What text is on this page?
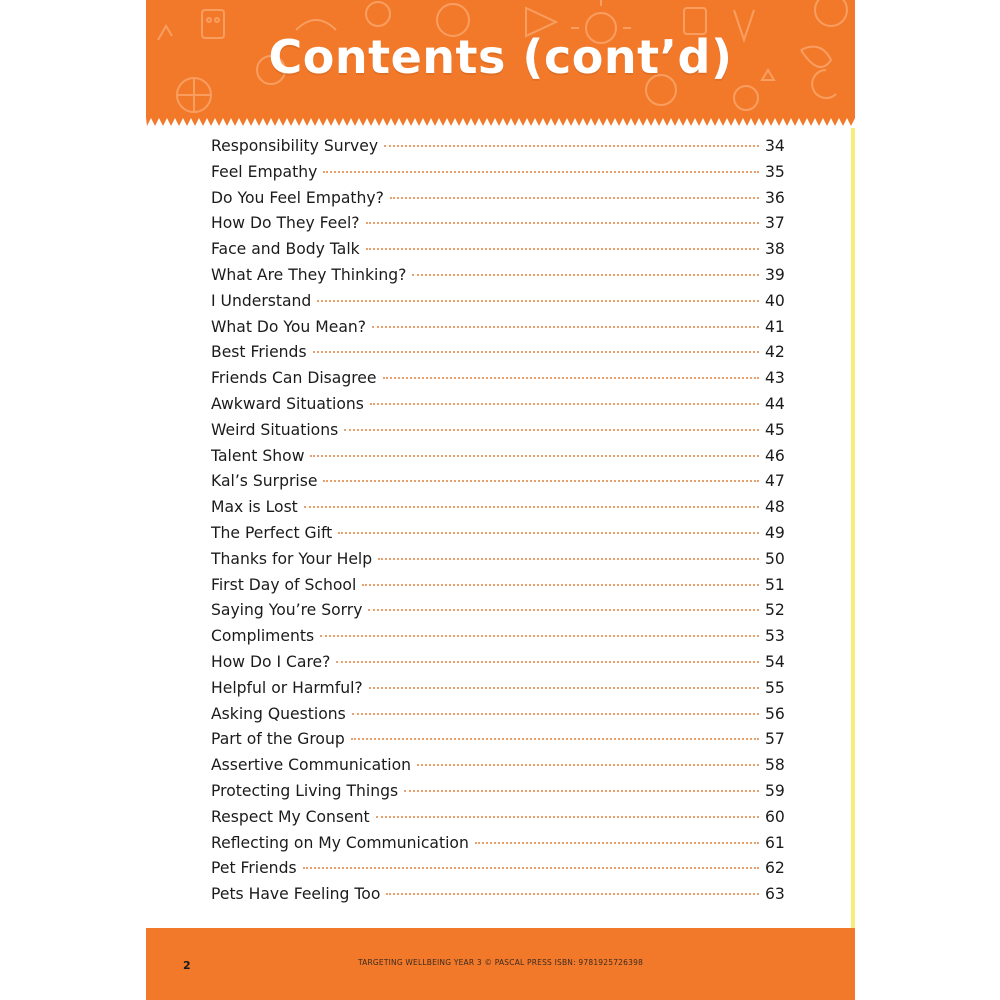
Contents (cont’d)
Responsibility Survey	34
Feel Empathy	35
Do You Feel Empathy?	36
How Do They Feel?	37
Face and Body Talk	38
What Are They Thinking?	39
I Understand	40
What Do You Mean?	41
Best Friends	42
Friends Can Disagree	43
Awkward Situations	44
Weird Situations	45
Talent Show	46
Kal’s Surprise	47
Max is Lost	48
The Perfect Gift	49
Thanks for Your Help	50
First Day of School	51
Saying You’re Sorry	52
Compliments	53
How Do I Care?	54
Helpful or Harmful?	55
Asking Questions	56
Part of the Group	57
Assertive Communication	58
Protecting Living Things	59
Respect My Consent	60
Reflecting on My Communication	61
Pet Friends	62
Pets Have Feeling Too	63
2	TARGETING WELLBEING YEAR 3 © PASCAL PRESS ISBN: 9781925726398
